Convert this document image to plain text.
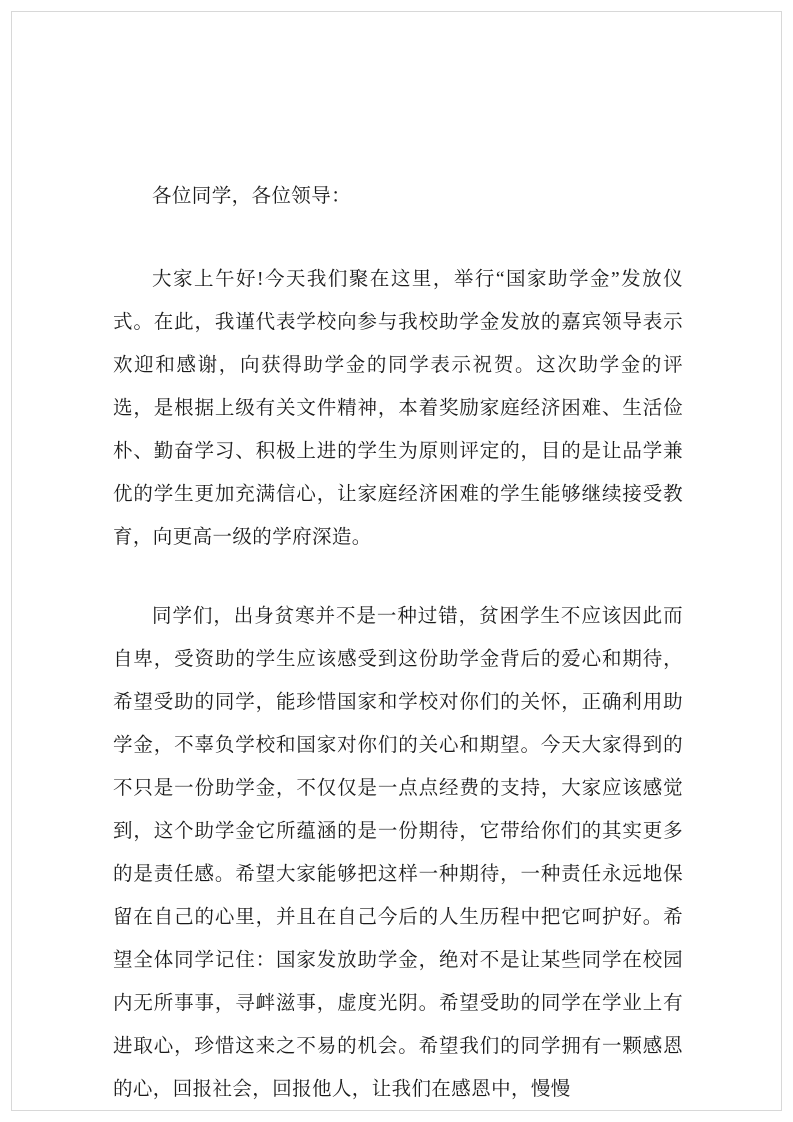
各位同学，各位领导：

大家上午好!今天我们聚在这里，举行“国家助学金”发放仪式。在此，我谨代表学校向参与我校助学金发放的嘉宾领导表示欢迎和感谢，向获得助学金的同学表示祝贺。这次助学金的评选，是根据上级有关文件精神，本着奖励家庭经济困难、生活俭朴、勤奋学习、积极上进的学生为原则评定的，目的是让品学兼优的学生更加充满信心，让家庭经济困难的学生能够继续接受教育，向更高一级的学府深造。

同学们，出身贫寒并不是一种过错，贫困学生不应该因此而自卑，受资助的学生应该感受到这份助学金背后的爱心和期待，希望受助的同学，能珍惜国家和学校对你们的关怀，正确利用助学金，不辜负学校和国家对你们的关心和期望。今天大家得到的不只是一份助学金，不仅仅是一点点经费的支持，大家应该感觉到，这个助学金它所蕴涵的是一份期待，它带给你们的其实更多的是责任感。希望大家能够把这样一种期待，一种责任永远地保留在自己的心里，并且在自己今后的人生历程中把它呵护好。希望全体同学记住：国家发放助学金，绝对不是让某些同学在校园内无所事事，寻衅滋事，虚度光阴。希望受助的同学在学业上有进取心，珍惜这来之不易的机会。希望我们的同学拥有一颗感恩的心，回报社会，回报他人，让我们在感恩中，慢慢
